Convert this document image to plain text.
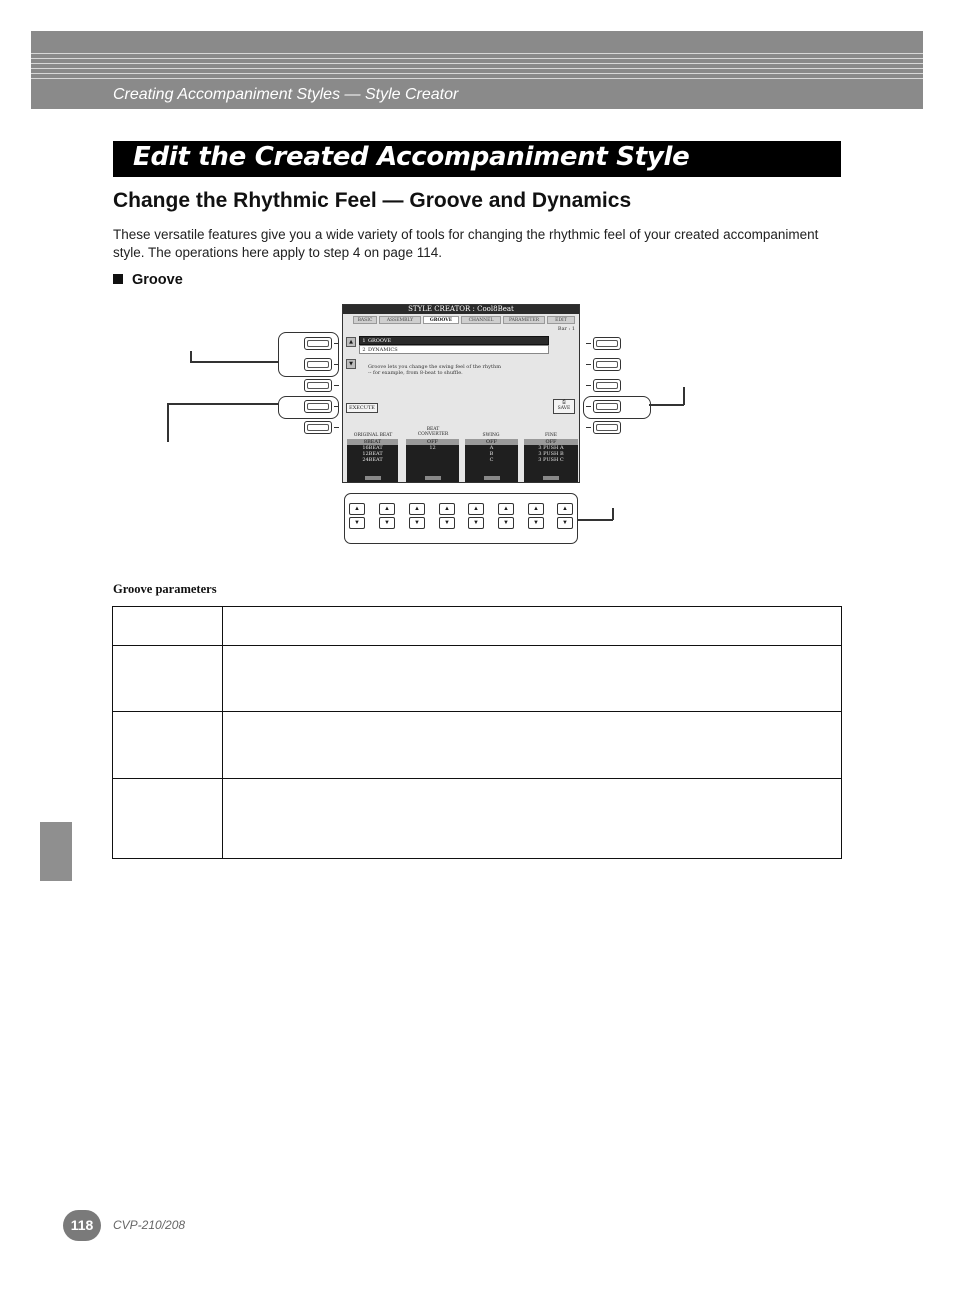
Creating Accompaniment Styles — Style Creator
Edit the Created Accompaniment Style
Change the Rhythmic Feel — Groove and Dynamics
These versatile features give you a wide variety of tools for changing the rhythmic feel of your created accompaniment style. The operations here apply to step 4 on page 114.
Groove
STYLE CREATOR : Cool8Beat
BASIC	ASSEMBLY	GROOVE	CHANNEL	PARAMETER	EDIT
Bar : 1
▲
▼
1 GROOVE
2 DYNAMICS
Groove lets you change the swing feel of the rhythm
-- for example, from 8-beat to shuffle.
EXECUTE
⎙
SAVE
ORIGINAL BEAT
BEAT
CONVERTER	SWING	FINE
8BEAT
16BEAT
12BEAT
24BEAT
OFF
12
OFF
A
B
C
OFF
3 PUSH A
3 PUSH B
3 PUSH C
▲
▼
▲
▼
▲
▼
▲
▼
▲
▼
▲
▼
▲
▼
▲
▼
Groove parameters

118	CVP-210/208
